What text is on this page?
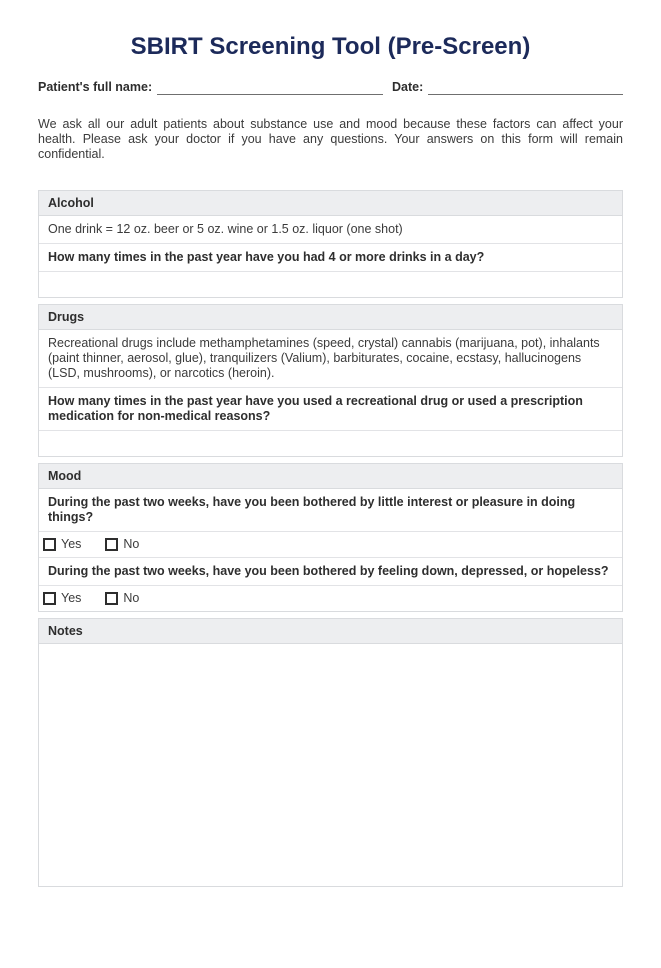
SBIRT Screening Tool (Pre-Screen)
Patient's full name:	Date:

We ask all our adult patients about substance use and mood because these factors can affect your health. Please ask your doctor if you have any questions. Your answers on this form will remain confidential.

Alcohol
One drink = 12 oz. beer or 5 oz. wine or 1.5 oz. liquor (one shot)
How many times in the past year have you had 4 or more drinks in a day?
Drugs
Recreational drugs include methamphetamines (speed, crystal) cannabis (marijuana, pot), inhalants (paint thinner, aerosol, glue), tranquilizers (Valium), barbiturates, cocaine, ecstasy, hallucinogens (LSD, mushrooms), or narcotics (heroin).
How many times in the past year have you used a recreational drug or used a prescription medication for non-medical reasons?
Mood
During the past two weeks, have you been bothered by little interest or pleasure in doing things?
Yes	No
During the past two weeks, have you been bothered by feeling down, depressed, or hopeless?
Yes	No
Notes
